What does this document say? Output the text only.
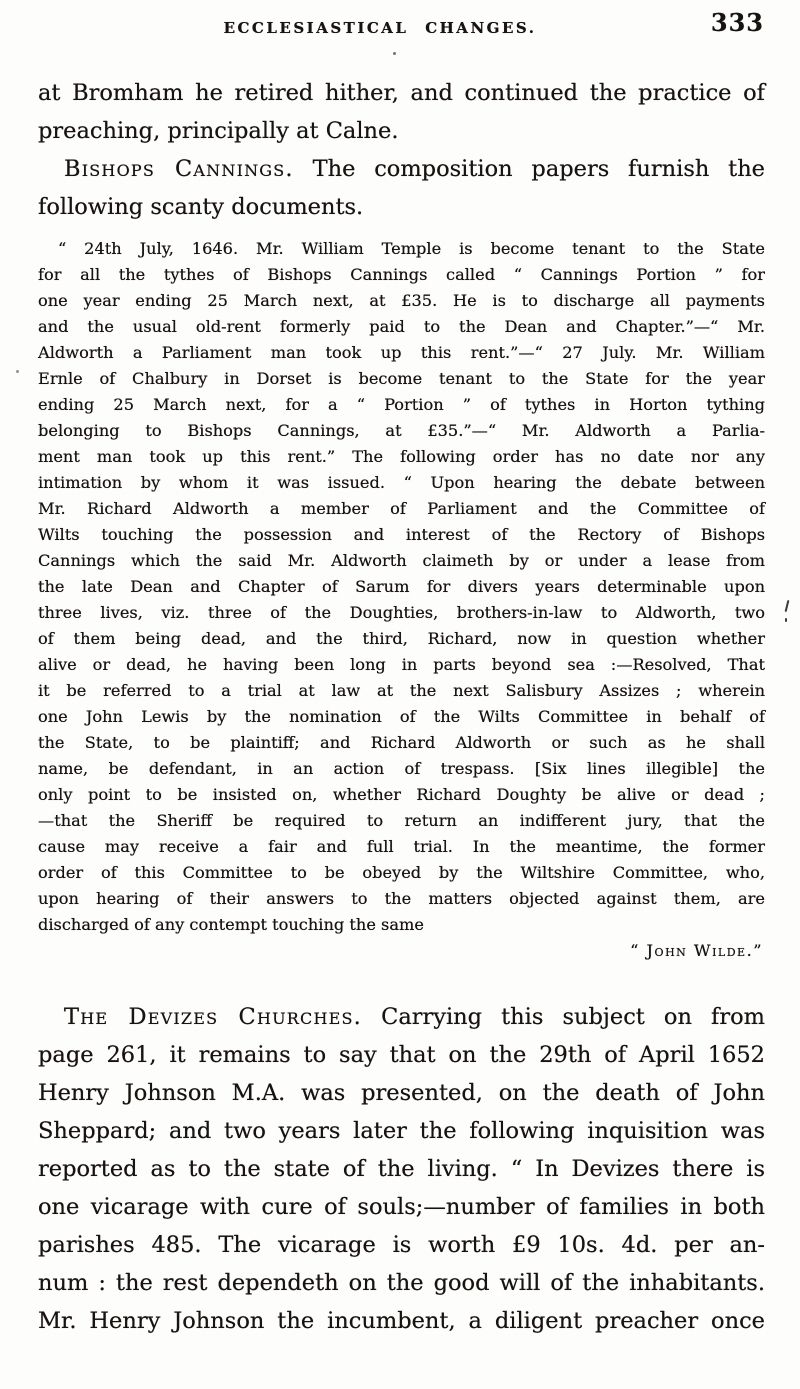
ECCLESIASTICAL CHANGES.	333
at Bromham he retired hither, and continued the practice of
preaching, principally at Calne.
Bishops Cannings. The composition papers furnish the
following scanty documents.
“ 24th July, 1646. Mr. William Temple is become tenant to the State
for all the tythes of Bishops Cannings called “ Cannings Portion ” for
one year ending 25 March next, at £35. He is to discharge all payments
and the usual old-rent formerly paid to the Dean and Chapter.”—“ Mr.
Aldworth a Parliament man took up this rent.”—“ 27 July. Mr. William
Ernle of Chalbury in Dorset is become tenant to the State for the year
ending 25 March next, for a “ Portion ” of tythes in Horton tything
belonging to Bishops Cannings, at £35.”—“ Mr. Aldworth a Parlia-
ment man took up this rent.” The following order has no date nor any
intimation by whom it was issued. “ Upon hearing the debate between
Mr. Richard Aldworth a member of Parliament and the Committee of
Wilts touching the possession and interest of the Rectory of Bishops
Cannings which the said Mr. Aldworth claimeth by or under a lease from
the late Dean and Chapter of Sarum for divers years determinable upon
three lives, viz. three of the Doughties, brothers-in-law to Aldworth, two
of them being dead, and the third, Richard, now in question whether
alive or dead, he having been long in parts beyond sea :—Resolved, That
it be referred to a trial at law at the next Salisbury Assizes ; wherein
one John Lewis by the nomination of the Wilts Committee in behalf of
the State, to be plaintiff; and Richard Aldworth or such as he shall
name, be defendant, in an action of trespass. [Six lines illegible] the
only point to be insisted on, whether Richard Doughty be alive or dead ;
—that the Sheriff be required to return an indifferent jury, that the
cause may receive a fair and full trial. In the meantime, the former
order of this Committee to be obeyed by the Wiltshire Committee, who,
upon hearing of their answers to the matters objected against them, are
discharged of any contempt touching the same
“ John Wilde.”
The Devizes Churches. Carrying this subject on from
page 261, it remains to say that on the 29th of April 1652
Henry Johnson M.A. was presented, on the death of John
Sheppard; and two years later the following inquisition was
reported as to the state of the living. “ In Devizes there is
one vicarage with cure of souls;—number of families in both
parishes 485. The vicarage is worth £9 10s. 4d. per an-
num : the rest dependeth on the good will of the inhabitants.
Mr. Henry Johnson the incumbent, a diligent preacher once
